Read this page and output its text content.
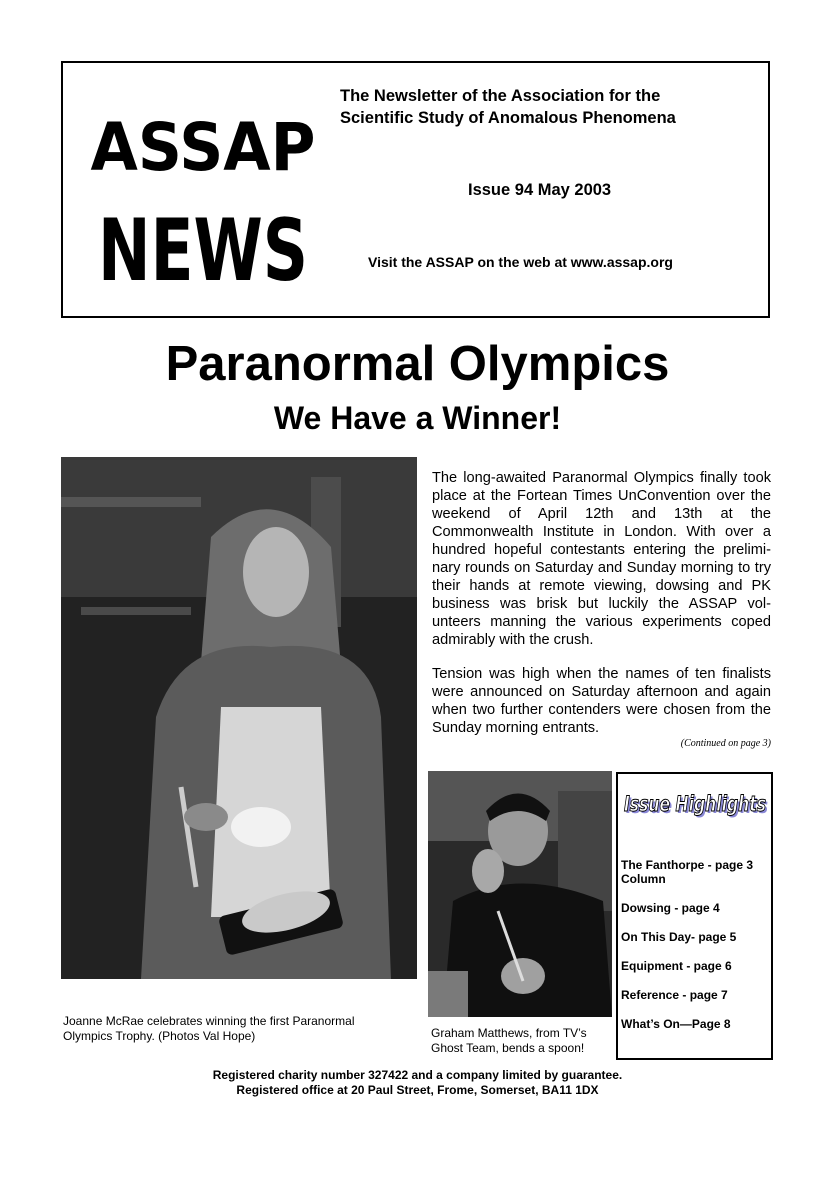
ASSAP
NEWS
The Newsletter of the Association for the
Scientific Study of Anomalous Phenomena
Issue 94 May 2003
Visit the ASSAP on the web at www.assap.org
Paranormal Olympics
We Have a Winner!

The long-awaited Paranormal Olympics finally took place at the Fortean Times UnConvention over the weekend of April 12th and 13th at the Commonwealth Institute in London. With over a hundred hopeful contestants entering the prelimi-nary rounds on Saturday and Sunday morning to try their hands at remote viewing, dowsing and PK business was brisk but luckily the ASSAP vol-unteers manning the various experiments coped admirably with the crush.

Tension was high when the names of ten finalists were announced on Saturday afternoon and again when two further contenders were chosen from the Sunday morning entrants.

(Continued on page 3)
Joanne McRae celebrates winning the first Paranormal Olympics Trophy. (Photos Val Hope)	Graham Matthews, from TV’s Ghost Team, bends a spoon!
Issue Highlights
Issue Highlights
The Fanthorpe - page 3 Column
Dowsing - page 4
On This Day- page 5
Equipment - page 6
Reference - page 7
What’s On—Page 8
Registered charity number 327422 and a company limited by guarantee.
Registered office at 20 Paul Street, Frome, Somerset, BA11 1DX
